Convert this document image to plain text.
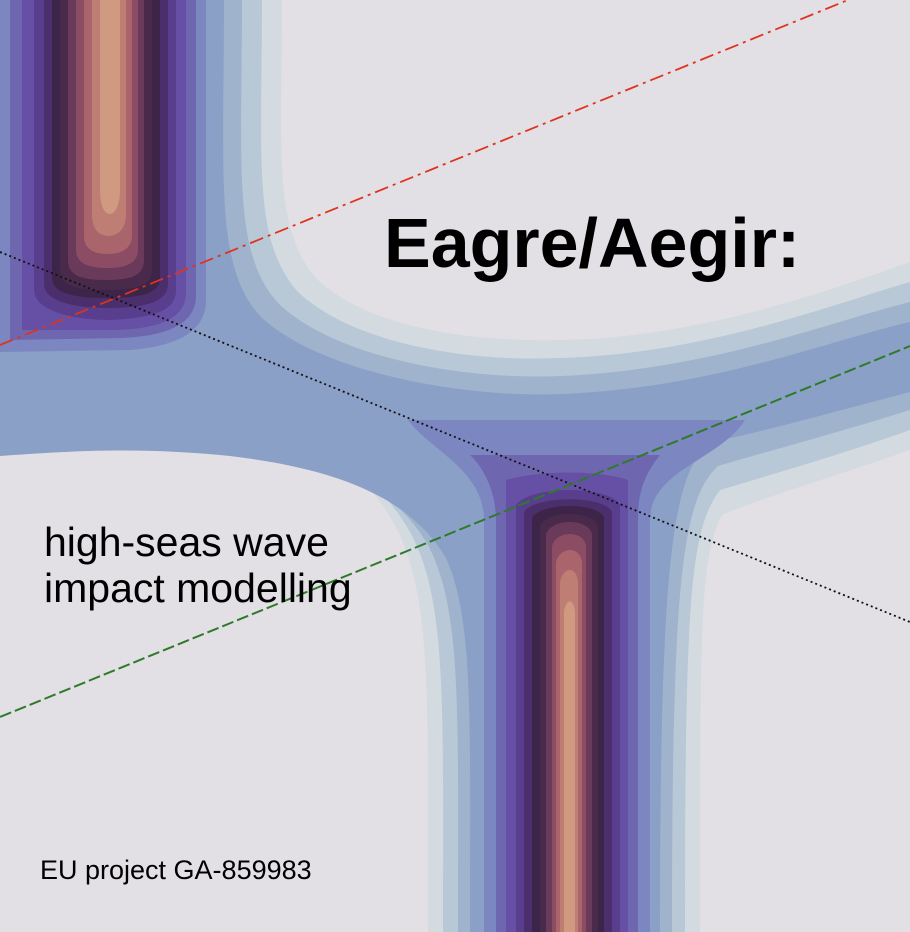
Eagre/Aegir:

high-seas wave
impact modelling

EU project GA-859983
